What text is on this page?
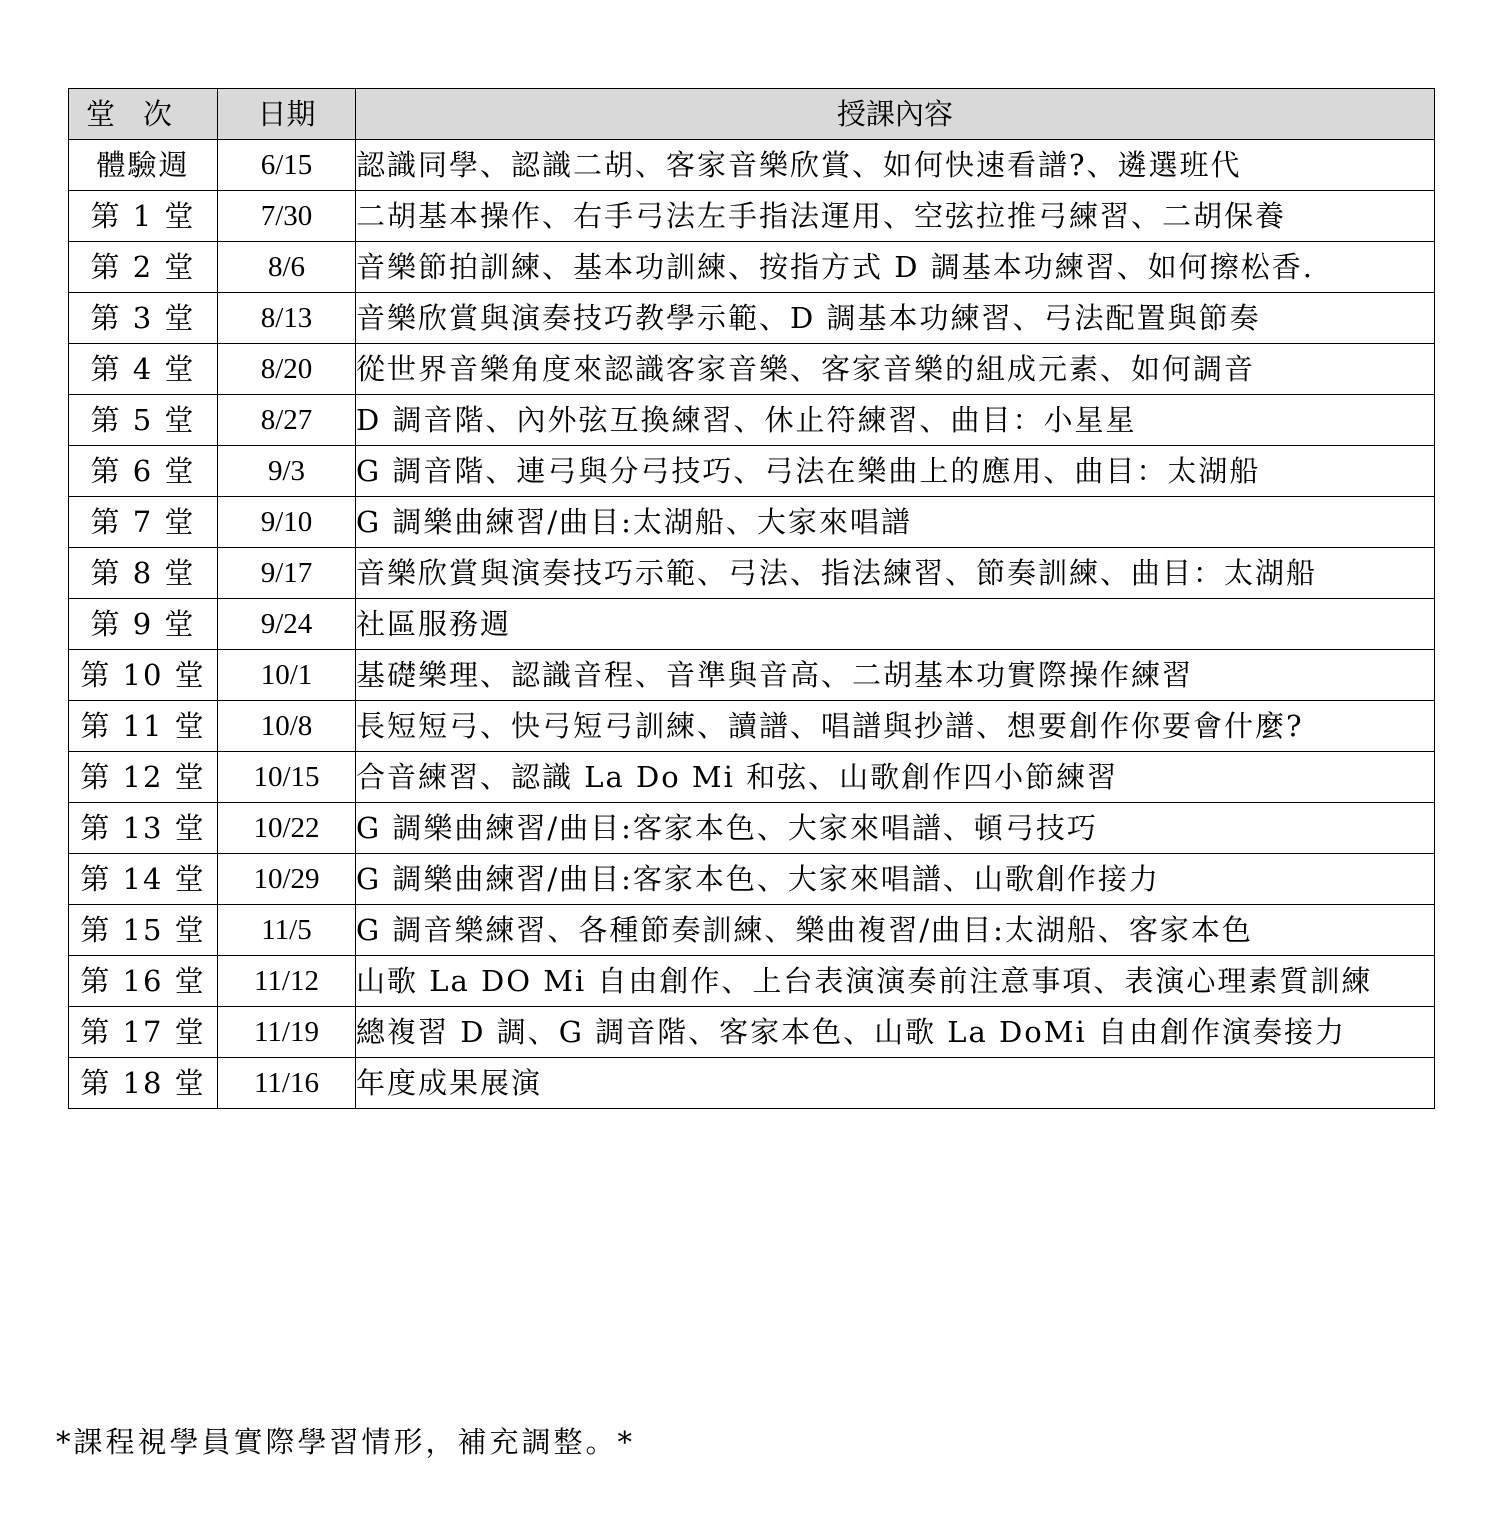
堂次	日期	授課內容
體驗週	6/15	認識同學、認識二胡、客家音樂欣賞、如何快速看譜?、遴選班代
第 1 堂	7/30	二胡基本操作、右手弓法左手指法運用、空弦拉推弓練習、二胡保養
第 2 堂	8/6	音樂節拍訓練、基本功訓練、按指方式 D 調基本功練習、如何擦松香.
第 3 堂	8/13	音樂欣賞與演奏技巧教學示範、D 調基本功練習、弓法配置與節奏
第 4 堂	8/20	從世界音樂角度來認識客家音樂、客家音樂的組成元素、如何調音
第 5 堂	8/27	D 調音階、內外弦互換練習、休止符練習、曲目：小星星
第 6 堂	9/3	G 調音階、連弓與分弓技巧、弓法在樂曲上的應用、曲目：太湖船
第 7 堂	9/10	G 調樂曲練習/曲目:太湖船、大家來唱譜
第 8 堂	9/17	音樂欣賞與演奏技巧示範、弓法、指法練習、節奏訓練、曲目：太湖船
第 9 堂	9/24	社區服務週
第 10 堂	10/1	基礎樂理、認識音程、音準與音高、二胡基本功實際操作練習
第 11 堂	10/8	長短短弓、快弓短弓訓練、讀譜、唱譜與抄譜、想要創作你要會什麼?
第 12 堂	10/15	合音練習、認識 La Do Mi 和弦、山歌創作四小節練習
第 13 堂	10/22	G 調樂曲練習/曲目:客家本色、大家來唱譜、頓弓技巧
第 14 堂	10/29	G 調樂曲練習/曲目:客家本色、大家來唱譜、山歌創作接力
第 15 堂	11/5	G 調音樂練習、各種節奏訓練、樂曲複習/曲目:太湖船、客家本色
第 16 堂	11/12	山歌 La DO Mi 自由創作、上台表演演奏前注意事項、表演心理素質訓練
第 17 堂	11/19	總複習 D 調、G 調音階、客家本色、山歌 La DoMi 自由創作演奏接力
第 18 堂	11/16	年度成果展演
*課程視學員實際學習情形，補充調整。*
